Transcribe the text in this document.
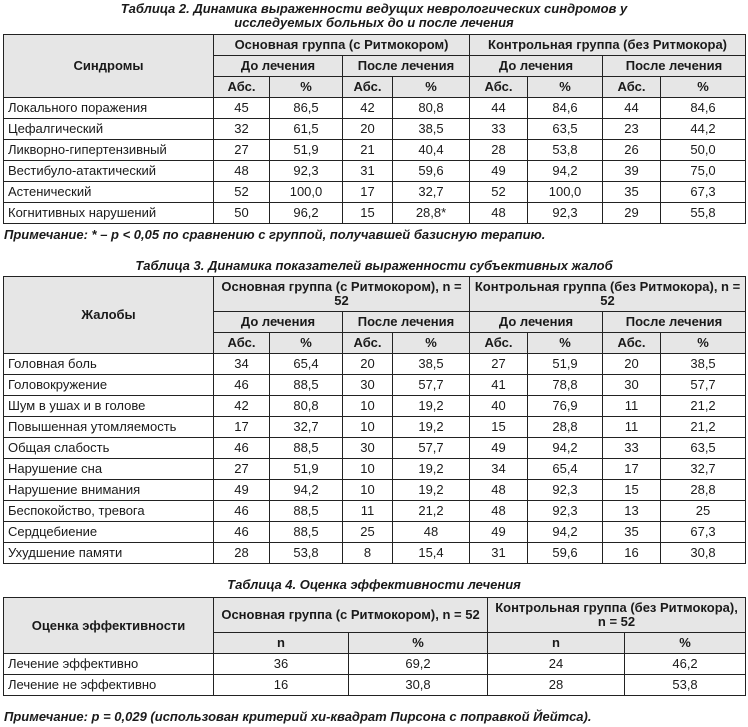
Таблица 2. Динамика выраженности ведущих неврологических синдромов у исследуемых больных до и после лечения
Синдромы	Основная группа (с Ритмокором)				Контрольная группа (без Ритмокора)			
	До лечения		После лечения		До лечения		После лечения	
	Абс.	%	Абс.	%	Абс.	%	Абс.	%
Локального поражения	45	86,5	42	80,8	44	84,6	44	84,6
Цефалгический	32	61,5	20	38,5	33	63,5	23	44,2
Ликворно-гипертензивный	27	51,9	21	40,4	28	53,8	26	50,0
Вестибуло-атактический	48	92,3	31	59,6	49	94,2	39	75,0
Астенический	52	100,0	17	32,7	52	100,0	35	67,3
Когнитивных нарушений	50	96,2	15	28,8*	48	92,3	29	55,8
Примечание: * – р < 0,05 по сравнению с группой, получавшей базисную терапию.
Таблица 3. Динамика показателей выраженности субъективных жалоб
Жалобы	Основная группа (с Ритмокором), n = 52				Контрольная группа (без Ритмокора), n = 52			
	До лечения		После лечения		До лечения		После лечения	
	Абс.	%	Абс.	%	Абс.	%	Абс.	%
Головная боль	34	65,4	20	38,5	27	51,9	20	38,5
Головокружение	46	88,5	30	57,7	41	78,8	30	57,7
Шум в ушах и в голове	42	80,8	10	19,2	40	76,9	11	21,2
Повышенная утомляемость	17	32,7	10	19,2	15	28,8	11	21,2
Общая слабость	46	88,5	30	57,7	49	94,2	33	63,5
Нарушение сна	27	51,9	10	19,2	34	65,4	17	32,7
Нарушение внимания	49	94,2	10	19,2	48	92,3	15	28,8
Беспокойство, тревога	46	88,5	11	21,2	48	92,3	13	25
Сердцебиение	46	88,5	25	48	49	94,2	35	67,3
Ухудшение памяти	28	53,8	8	15,4	31	59,6	16	30,8
Таблица 4. Оценка эффективности лечения
Оценка эффективности	Основная группа (с Ритмокором), n = 52		Контрольная группа (без Ритмокора), n = 52	
	n	%	n	%
Лечение эффективно	36	69,2	24	46,2
Лечение не эффективно	16	30,8	28	53,8
Примечание: р = 0,029 (использован критерий хи-квадрат Пирсона с поправкой Йейтса).
